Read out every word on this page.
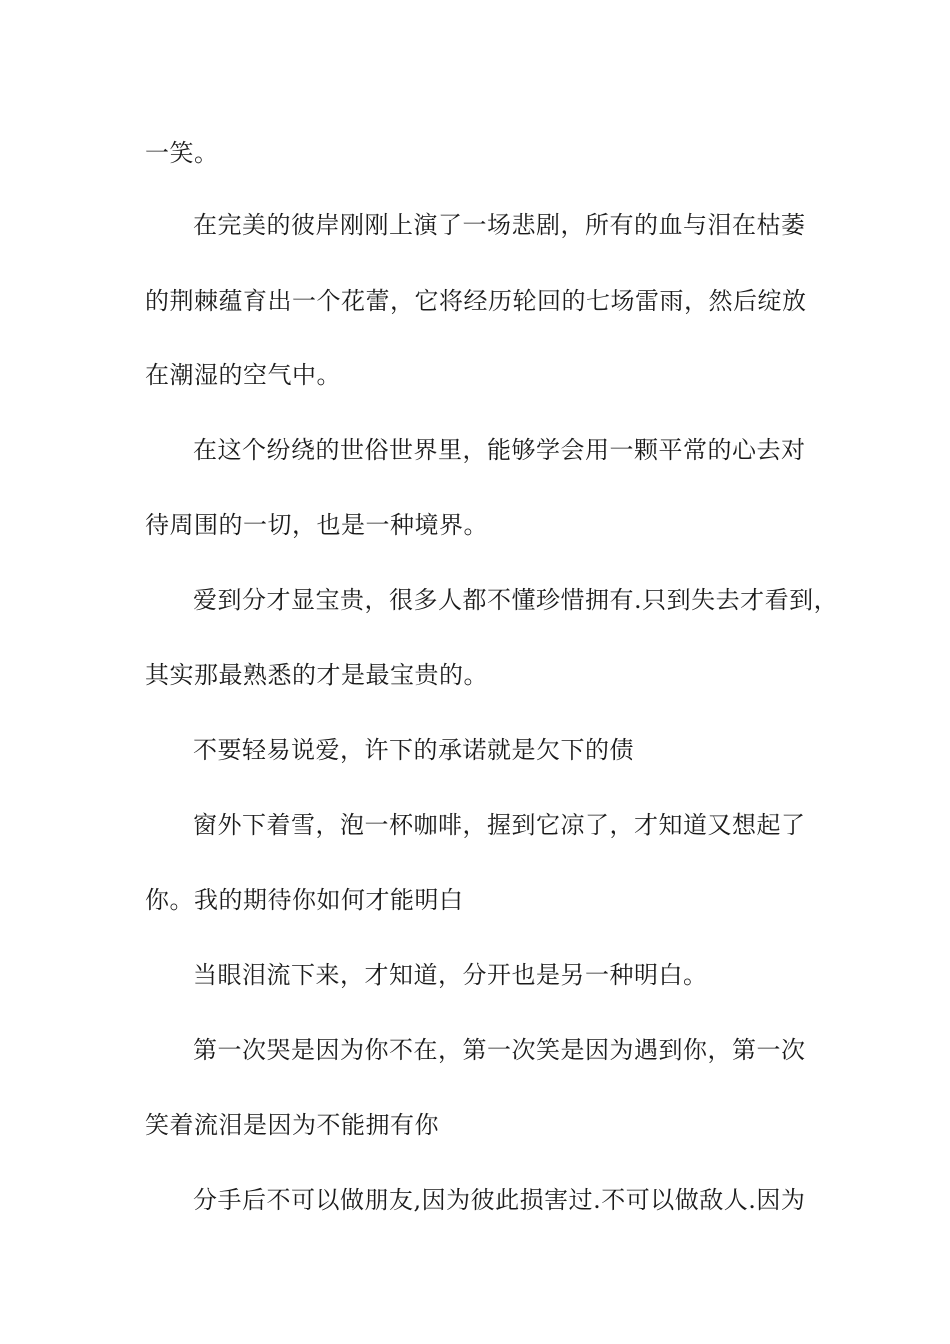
一笑。
在完美的彼岸刚刚上演了一场悲剧，所有的血与泪在枯萎
的荆棘蕴育出一个花蕾，它将经历轮回的七场雷雨，然后绽放
在潮湿的空气中。
在这个纷绕的世俗世界里，能够学会用一颗平常的心去对
待周围的一切，也是一种境界。
爱到分才显宝贵，很多人都不懂珍惜拥有.只到失去才看到，
其实那最熟悉的才是最宝贵的。
不要轻易说爱，许下的承诺就是欠下的债
窗外下着雪，泡一杯咖啡，握到它凉了，才知道又想起了
你。我的期待你如何才能明白
当眼泪流下来，才知道，分开也是另一种明白。
第一次哭是因为你不在，第一次笑是因为遇到你，第一次
笑着流泪是因为不能拥有你
分手后不可以做朋友,因为彼此损害过.不可以做敌人.因为
